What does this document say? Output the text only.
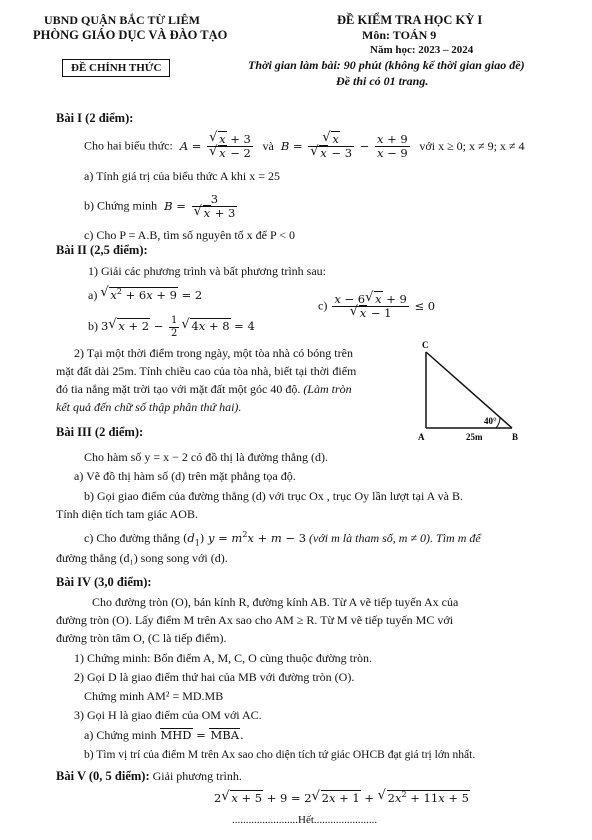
UBND QUẬN BẮC TỪ LIÊM
PHÒNG GIÁO DỤC VÀ ĐÀO TẠO
ĐỀ CHÍNH THỨC
ĐỀ KIỂM TRA HỌC KỲ I
Môn: TOÁN 9
Năm học: 2023 – 2024
Thời gian làm bài: 90 phút (không kể thời gian giao đề)
Đề thi có 01 trang.
Bài I (2 điểm):
Cho hai biểu thức: A = √ x + 3
√ x − 2 và B = √ x
√ $x - 3 - \frac{x + 9}{x - 9}$ với x ≥ 0; x ≠ 9; x ≠ 4
a) Tính giá trị của biểu thức A khi x = 25
b) Chứng minh B = 3
√ x + 3
c) Cho P = A.B, tìm số nguyên tố x để P < 0
Bài II (2,5 điểm):
1) Giải các phương trình và bất phương trình sau:
a) √ $x^2 + 6x + 9 = 2$
b) 3 √ $x + 2 - \frac{1}{2}$ √ 4x + 8 = 4
c) x − 6 √ x + 9
√ x − 1 ≤ 0
2) Tại một thời điểm trong ngày, một tòa nhà có bóng trên
mặt đất dài 25m. Tính chiều cao của tòa nhà, biết tại thời điểm
đó tia nắng mặt trời tạo với mặt đất một góc 40 độ. (Làm tròn
kết quả đến chữ số thập phân thứ hai).
C
A	B
25m
40°
Bài III (2 điểm):
Cho hàm số y = x − 2 có đồ thị là đường thẳng (d).
a) Vẽ đồ thị hàm số (d) trên mặt phẳng tọa độ.
b) Gọi giao điểm của đường thẳng (d) với trục Ox , trục Oy lần lượt tại A và B.
Tính diện tích tam giác AOB.
c) Cho đường thẳng $(d_1) y = m^2x + m - 3$ (với m là tham số, m ≠ 0). Tìm m để
đường thẳng (d₁) song song với (d).
Bài IV (3,0 điểm):
Cho đường tròn (O), bán kính R, đường kính AB. Từ A vẽ tiếp tuyến Ax của
đường tròn (O). Lấy điểm M trên Ax sao cho AM ≥ R. Từ M vẽ tiếp tuyến MC với
đường tròn tâm O, (C là tiếp điểm).
1) Chứng minh: Bốn điểm A, M, C, O cùng thuộc đường tròn.
2) Gọi D là giao điểm thứ hai của MB với đường tròn (O).
Chứng minh AM² = MD.MB
3) Gọi H là giao điểm của OM với AC.
a) Chứng minh MHD = MBA.
b) Tìm vị trí của điểm M trên Ax sao cho diện tích tứ giác OHCB đạt giá trị lớn nhất.
Bài V (0, 5 điểm): Giải phương trình.
2 √ x + 5 + 9 = 2 √ 2x + 1 + √ $2x^2 + 11x + 5$
........................Hết.......................
